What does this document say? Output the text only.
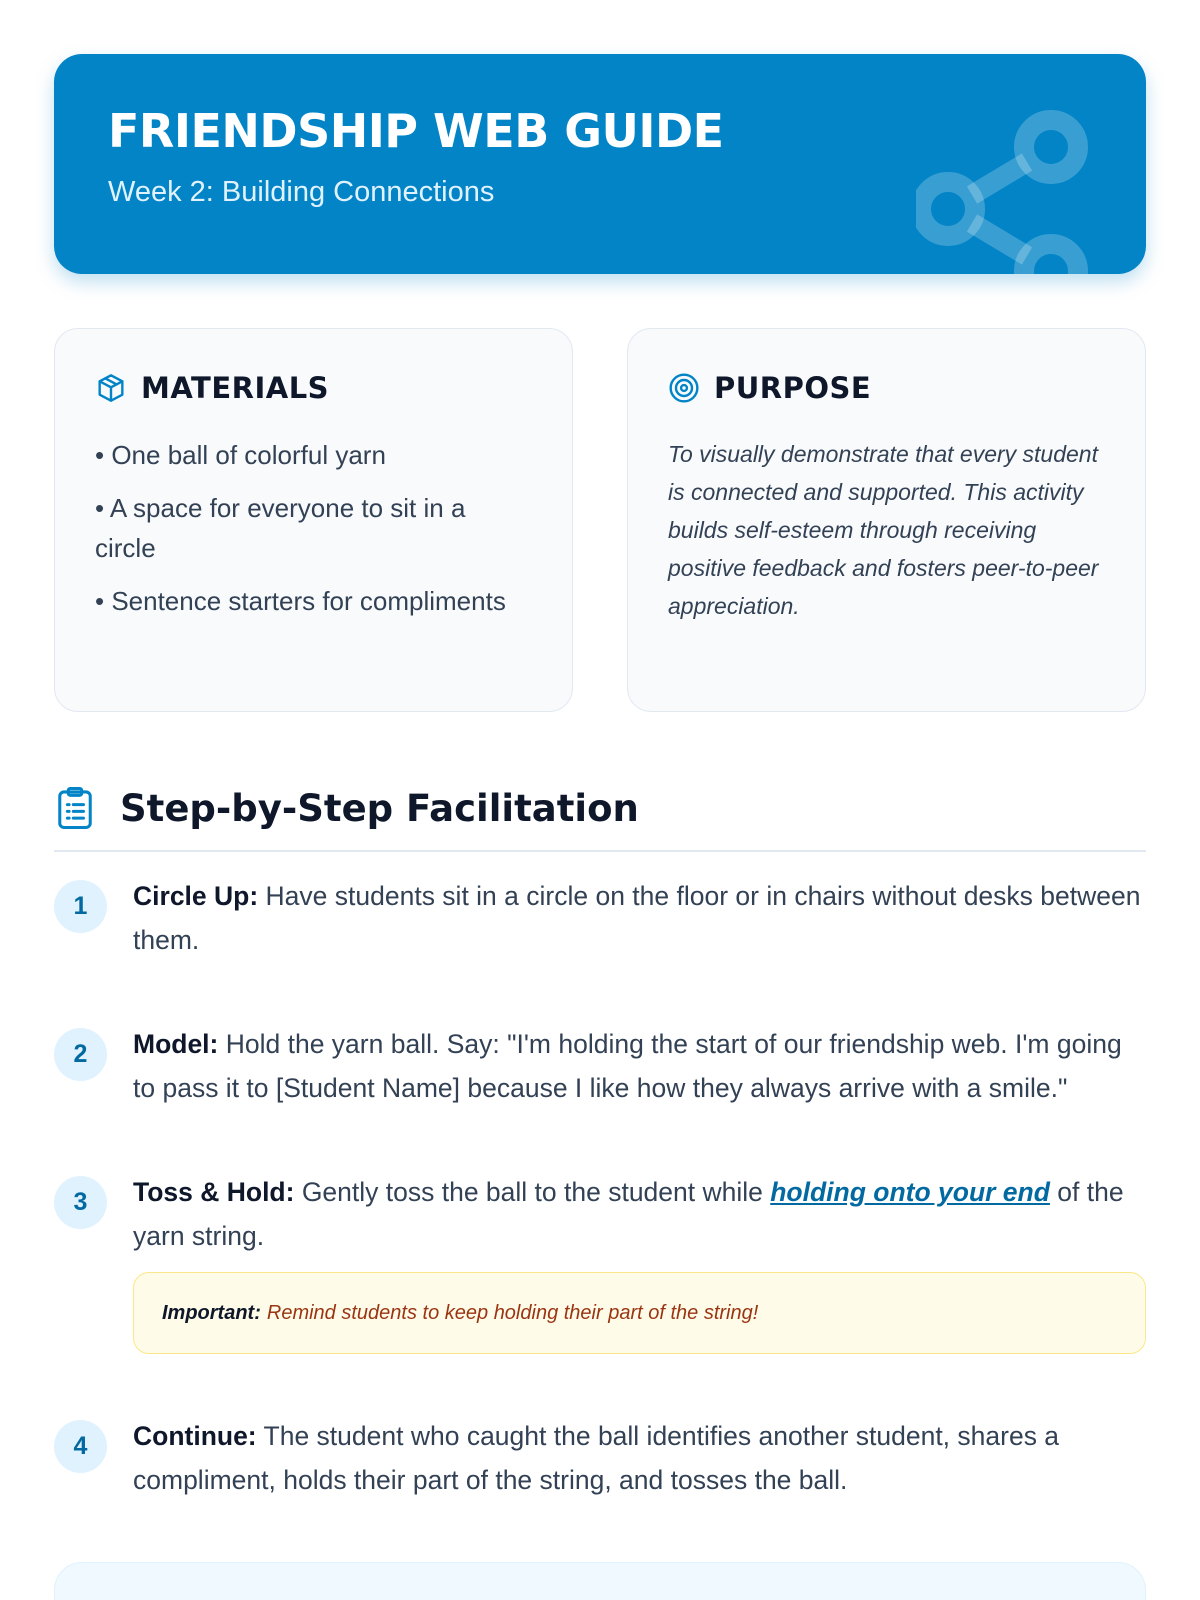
FRIENDSHIP WEB GUIDE
Week 2: Building Connections
MATERIALS
• One ball of colorful yarn
• A space for everyone to sit in a circle
• Sentence starters for compliments
PURPOSE

To visually demonstrate that every student is connected and supported. This activity builds self-esteem through receiving positive feedback and fosters peer-to-peer appreciation.

Step-by-Step Facilitation
1	Circle Up: Have students sit in a circle on the floor or in chairs without desks between them.
2	Model: Hold the yarn ball. Say: "I'm holding the start of our friendship web. I'm going to pass it to [Student Name] because I like how they always arrive with a smile."
3	Toss & Hold: Gently toss the ball to the student while holding onto your end of the yarn string.
Important: Remind students to keep holding their part of the string!
4	Continue: The student who caught the ball identifies another student, shares a compliment, holds their part of the string, and tosses the ball.
